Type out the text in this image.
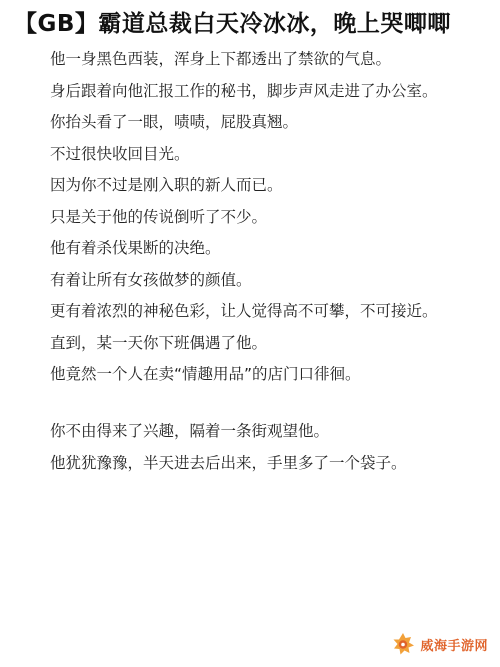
【GB】霸道总裁白天冷冰冰，晚上哭唧唧

他一身黑色西装，浑身上下都透出了禁欲的气息。

身后跟着向他汇报工作的秘书，脚步声风走进了办公室。

你抬头看了一眼，啧啧，屁股真翘。

不过很快收回目光。

因为你不过是刚入职的新人而已。

只是关于他的传说倒听了不少。

他有着杀伐果断的决绝。

有着让所有女孩做梦的颜值。

更有着浓烈的神秘色彩，让人觉得高不可攀，不可接近。

直到，某一天你下班偶遇了他。

他竟然一个人在卖“情趣用品”的店门口徘徊。

你不由得来了兴趣，隔着一条街观望他。

他犹犹豫豫，半天进去后出来，手里多了一个袋子。

威海手游网
